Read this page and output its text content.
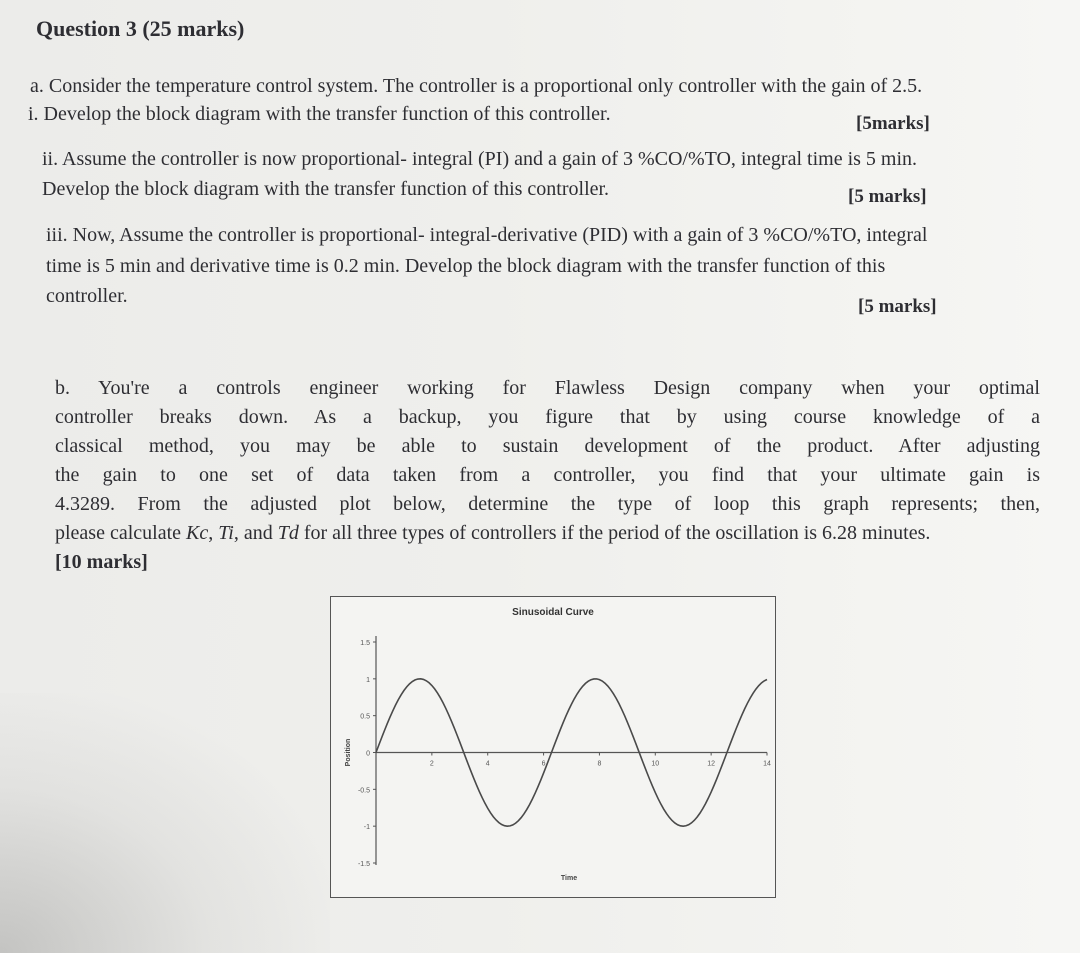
Question 3 (25 marks)

a. Consider the temperature control system. The controller is a proportional only controller with the gain of 2.5.

i. Develop the block diagram with the transfer function of this controller.	[5marks]

ii. Assume the controller is now proportional- integral (PI) and a gain of 3 %CO/%TO, integral time is 5 min.

Develop the block diagram with the transfer function of this controller.	[5 marks]

iii. Now, Assume the controller is proportional- integral-derivative (PID) with a gain of 3 %CO/%TO, integral

time is 5 min and derivative time is 0.2 min. Develop the block diagram with the transfer function of this

controller.	[5 marks]

b. You're a controls engineer working for Flawless Design company when your optimal
controller breaks down. As a backup, you figure that by using course knowledge of a
classical method, you may be able to sustain development of the product. After adjusting
the gain to one set of data taken from a controller, you find that your ultimate gain is
4.3289. From the adjusted plot below, determine the type of loop this graph represents; then,
please calculate Kc, Ti, and Td for all three types of controllers if the period of the oscillation is 6.28 minutes.
[10 marks]
Sinusoidal Curve
1.5
1
0.5
0
-0.5
-1
-1.5
2	4	6	8	10	12	14
Time
Position
